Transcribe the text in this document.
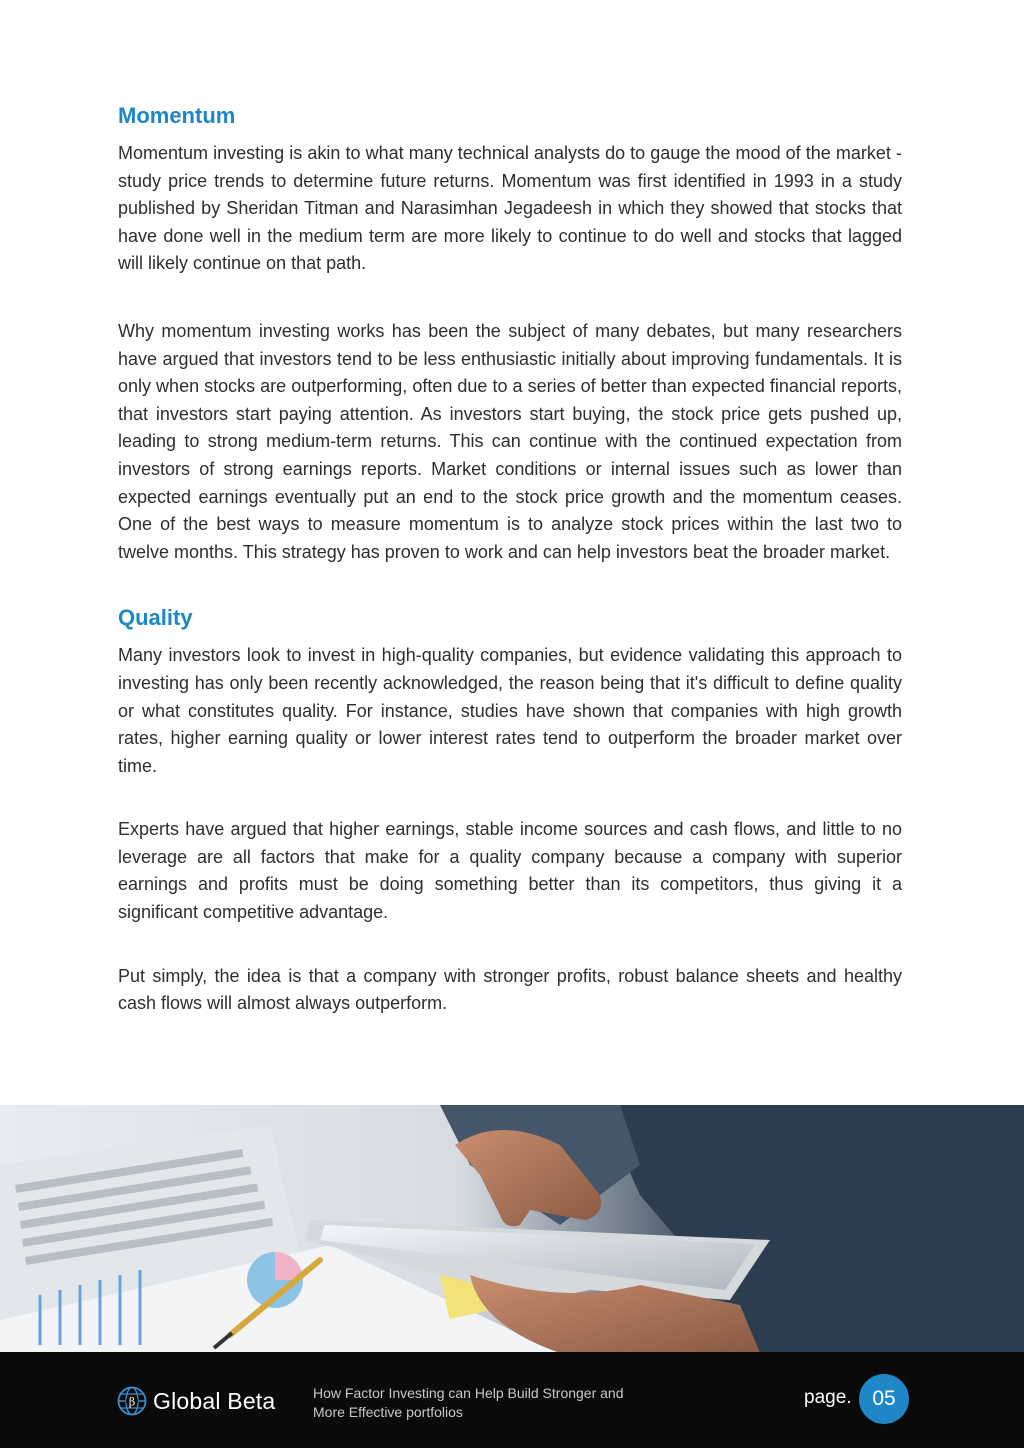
Momentum

Momentum investing is akin to what many technical analysts do to gauge the mood of the market -study price trends to determine future returns. Momentum was first identified in 1993 in a study published by Sheridan Titman and Narasimhan Jegadeesh in which they showed that stocks that have done well in the medium term are more likely to continue to do well and stocks that lagged will likely continue on that path.

Why momentum investing works has been the subject of many debates, but many researchers have argued that investors tend to be less enthusiastic initially about improving fundamentals. It is only when stocks are outperforming, often due to a series of better than expected financial reports, that investors start paying attention. As investors start buying, the stock price gets pushed up, leading to strong medium-term returns. This can continue with the continued expectation from investors of strong earnings reports. Market conditions or internal issues such as lower than expected earnings eventually put an end to the stock price growth and the momentum ceases. One of the best ways to measure momentum is to analyze stock prices within the last two to twelve months. This strategy has proven to work and can help investors beat the broader market.

Quality

Many investors look to invest in high-quality companies, but evidence validating this approach to investing has only been recently acknowledged, the reason being that it's difficult to define quality or what constitutes quality. For instance, studies have shown that companies with high growth rates, higher earning quality or lower interest rates tend to outperform the broader market over time.

Experts have argued that higher earnings, stable income sources and cash flows, and little to no leverage are all factors that make for a quality company because a company with superior earnings and profits must be doing something better than its competitors, thus giving it a significant competitive advantage.

Put simply, the idea is that a company with stronger profits, robust balance sheets and healthy cash flows will almost always outperform.

β Global Beta	How Factor Investing can Help Build Stronger and
More Effective portfolios
page. 05
